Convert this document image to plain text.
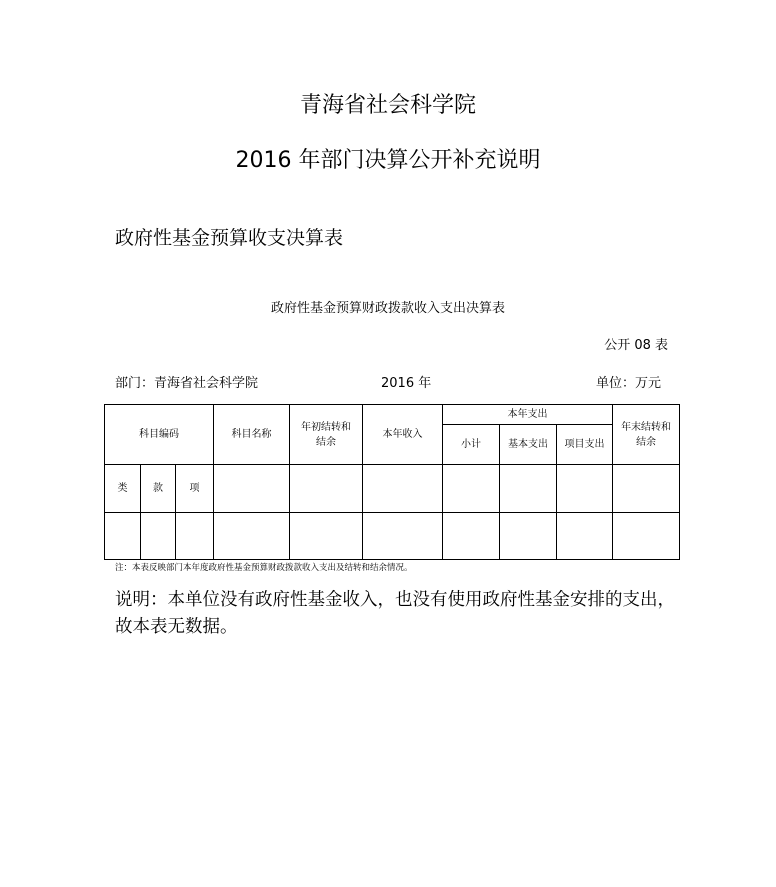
青海省社会科学院
2016 年部门决算公开补充说明
政府性基金预算收支决算表
政府性基金预算财政拨款收入支出决算表
公开 08 表
部门：青海省社会科学院	2016 年	单位：万元
科目编码			科目名称	年初结转和结余	本年收入	本年支出			年末结转和结余
						小计	基本支出	项目支出	
类	款	项							

注：本表反映部门本年度政府性基金预算财政拨款收入支出及结转和结余情况。
说明：本单位没有政府性基金收入，也没有使用政府性基金安排的支出，故本表无数据。
